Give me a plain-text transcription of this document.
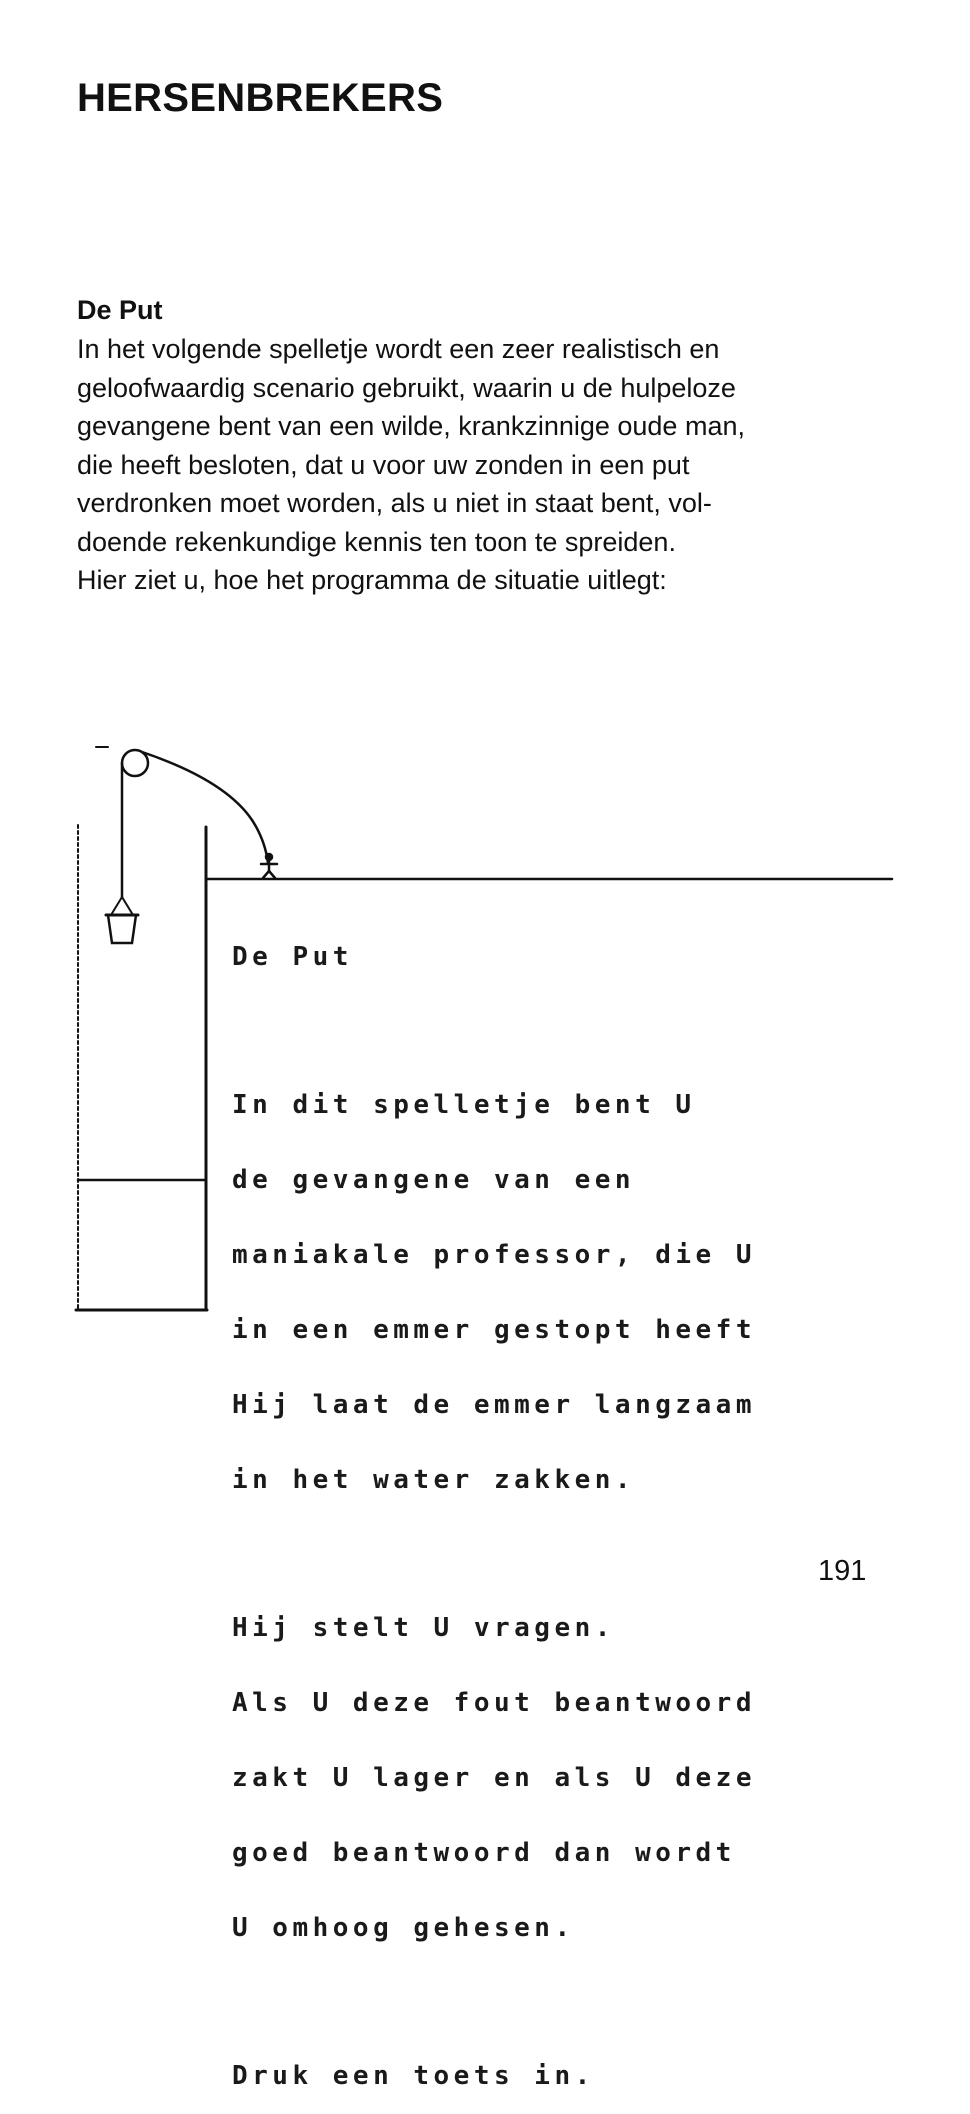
HERSENBREKERS
De Put

In het volgende spelletje wordt een zeer realistisch en
geloofwaardig scenario gebruikt, waarin u de hulpeloze
gevangene bent van een wilde, krankzinnige oude man,
die heeft besloten, dat u voor uw zonden in een put
verdronken moet worden, als u niet in staat bent, vol-
doende rekenkundige kennis ten toon te spreiden.
Hier ziet u, hoe het programma de situatie uitlegt:

De Put

In dit spelletje bent U

de gevangene van een

maniakale professor, die U

in een emmer gestopt heeft

Hij laat de emmer langzaam

in het water zakken.

Hij stelt U vragen.

Als U deze fout beantwoord

zakt U lager en als U deze

goed beantwoord dan wordt

U omhoog gehesen.

Druk een toets in.

191
